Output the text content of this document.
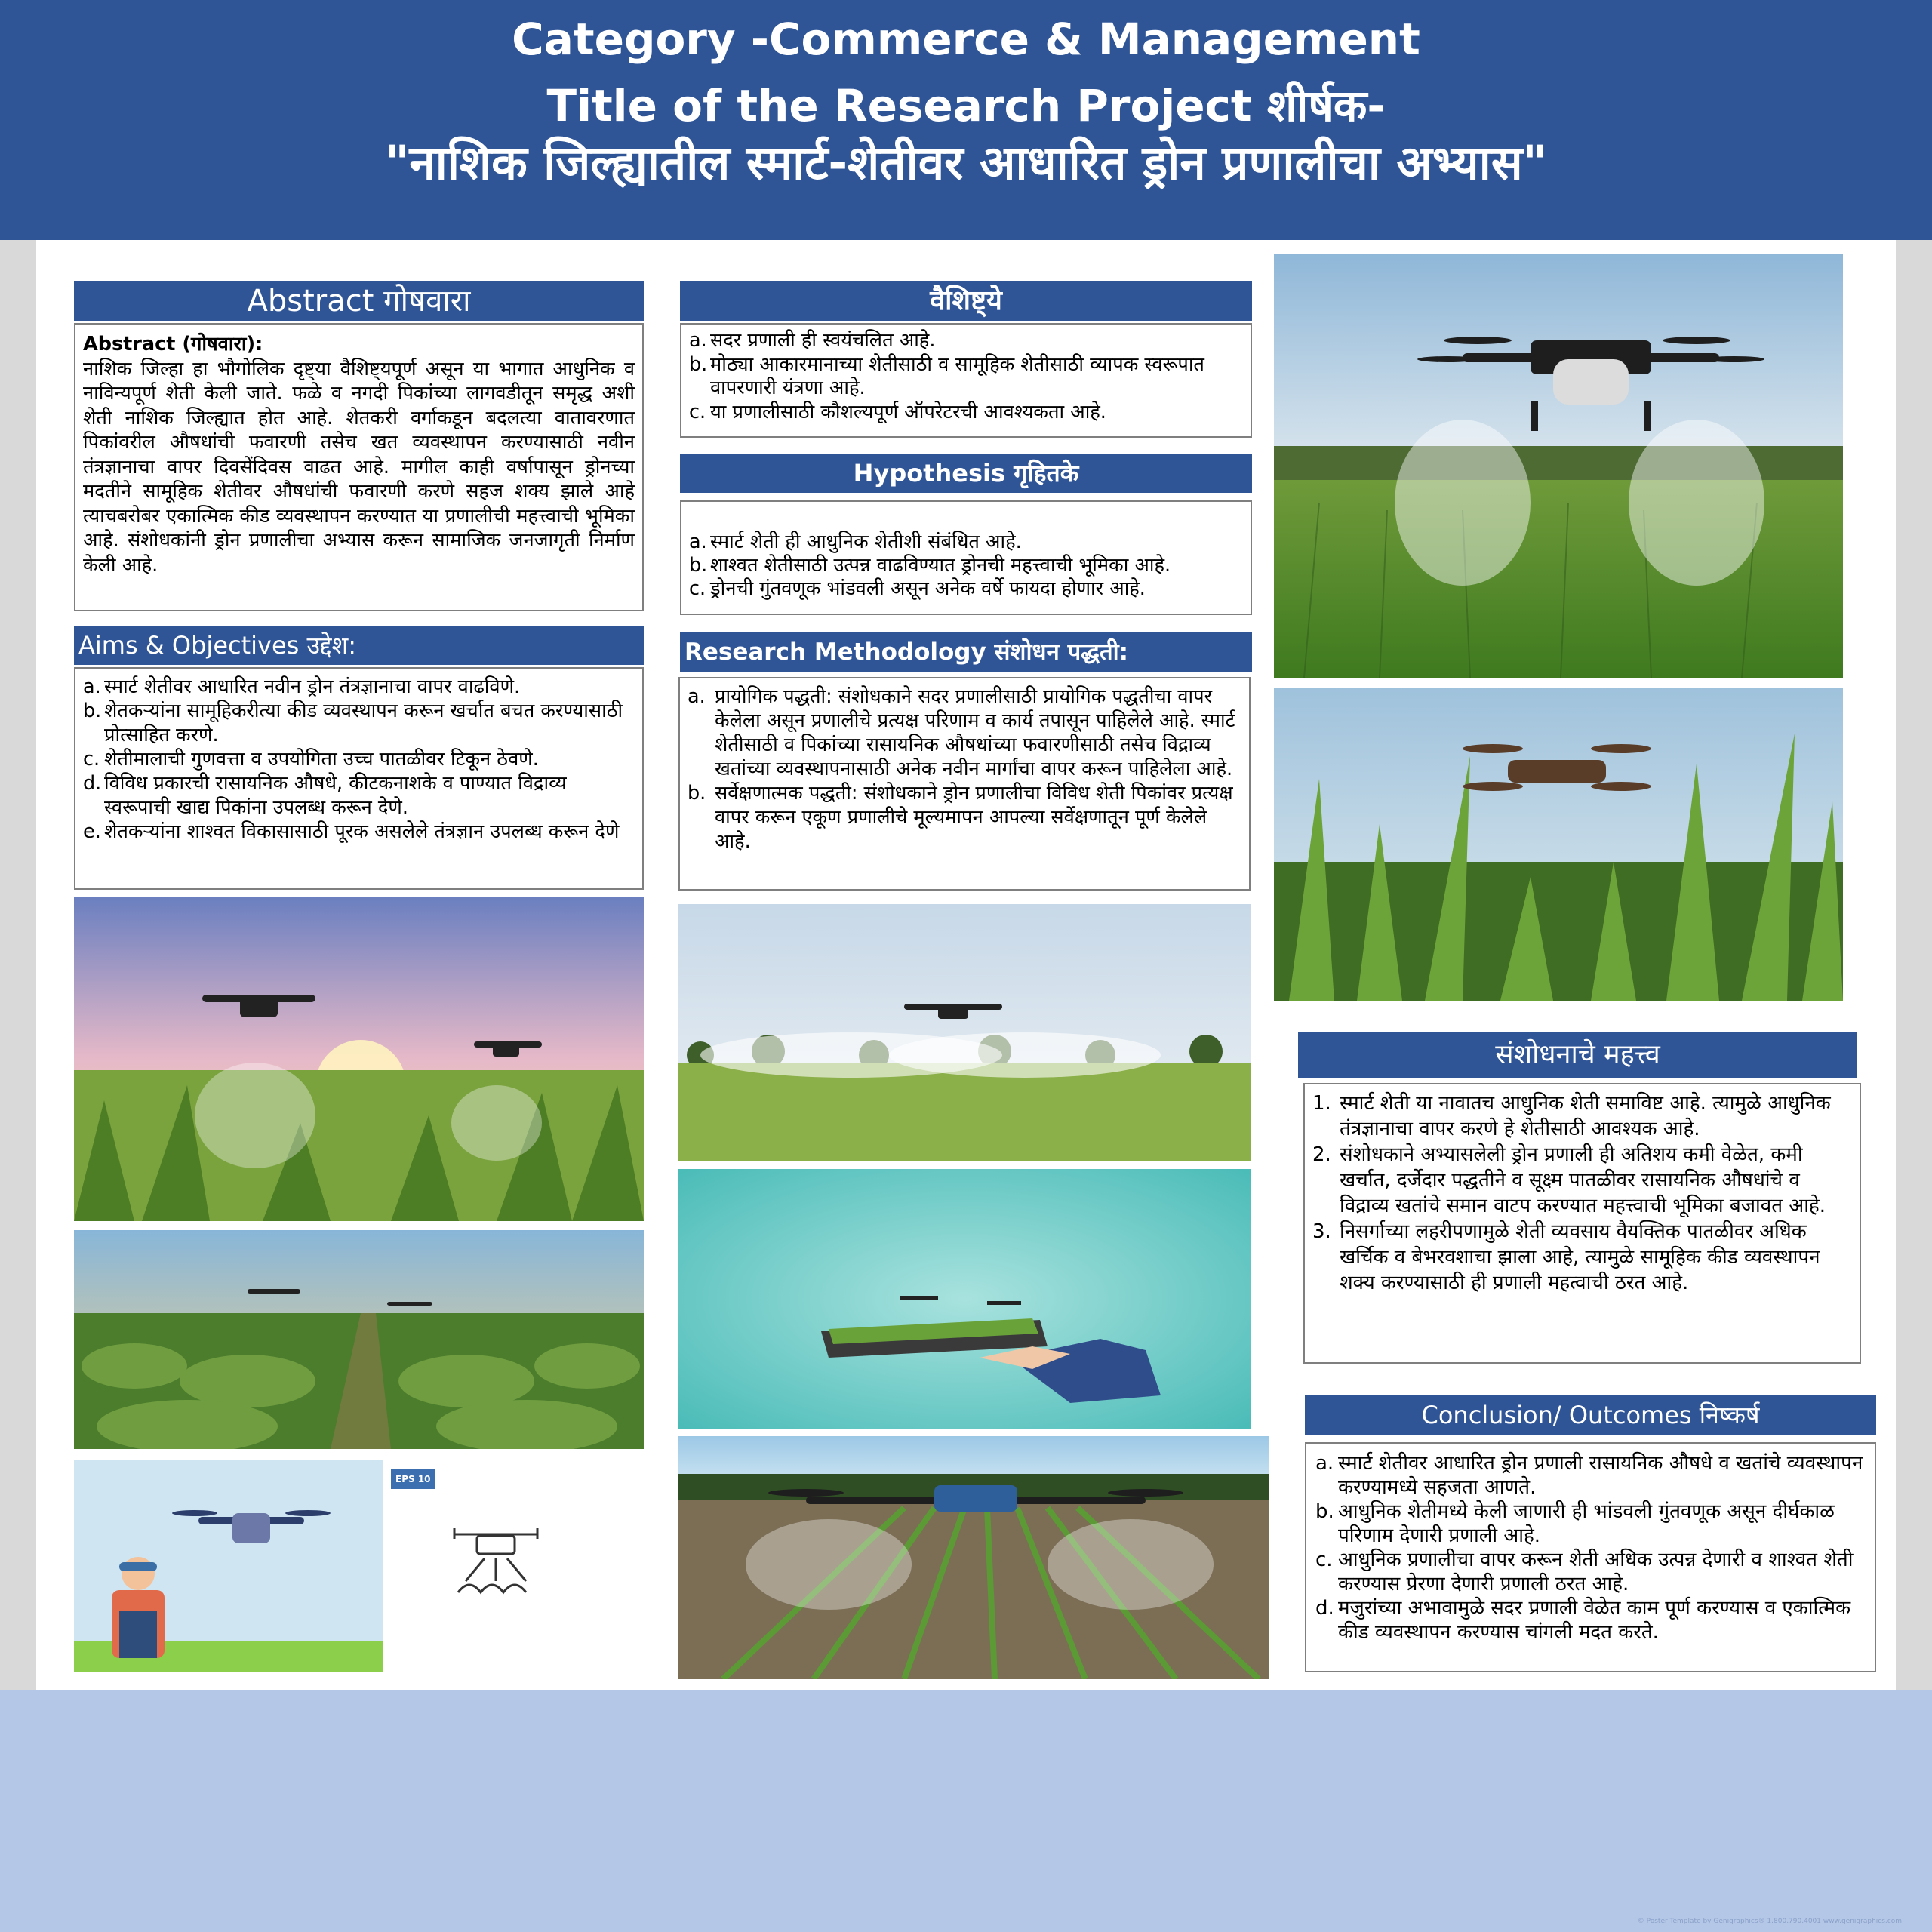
Category -Commerce & Management
Title of the Research Project शीर्षक-
"नाशिक जिल्ह्यातील स्मार्ट-शेतीवर आधारित ड्रोन प्रणालीचा अभ्यास"
Abstract गोषवारा

Abstract (गोषवारा):

नाशिक जिल्हा हा भौगोलिक दृष्ट्या वैशिष्ट्यपूर्ण असून या भागात आधुनिक व नाविन्यपूर्ण शेती केली जाते. फळे व नगदी पिकांच्या लागवडीतून समृद्ध अशी शेती नाशिक जिल्ह्यात होत आहे. शेतकरी वर्गाकडून बदलत्या वातावरणात पिकांवरील औषधांची फवारणी तसेच खत व्यवस्थापन करण्यासाठी नवीन तंत्रज्ञानाचा वापर दिवसेंदिवस वाढत आहे. मागील काही वर्षापासून ड्रोनच्या मदतीने सामूहिक शेतीवर औषधांची फवारणी करणे सहज शक्य झाले आहे त्याचबरोबर एकात्मिक कीड व्यवस्थापन करण्यात या प्रणालीची महत्त्वाची भूमिका आहे. संशोधकांनी ड्रोन प्रणालीचा अभ्यास करून सामाजिक जनजागृती निर्माण केली आहे.

Aims & Objectives उद्देश:
a. स्मार्ट शेतीवर आधारित नवीन ड्रोन तंत्रज्ञानाचा वापर वाढविणे.
b. शेतकऱ्यांना सामूहिकरीत्या कीड व्यवस्थापन करून खर्चात बचत करण्यासाठी प्रोत्साहित करणे.
c. शेतीमालाची गुणवत्ता व उपयोगिता उच्च पातळीवर टिकून ठेवणे.
d. विविध प्रकारची रासायनिक औषधे, कीटकनाशके व पाण्यात विद्राव्य स्वरूपाची खाद्य पिकांना उपलब्ध करून देणे.
e. शेतकऱ्यांना शाश्वत विकासासाठी पूरक असलेले तंत्रज्ञान उपलब्ध करून देणे
वैशिष्ट्ये
a. सदर प्रणाली ही स्वयंचलित आहे.
b. मोठ्या आकारमानाच्या शेतीसाठी व सामूहिक शेतीसाठी व्यापक स्वरूपात वापरणारी यंत्रणा आहे.
c. या प्रणालीसाठी कौशल्यपूर्ण ऑपरेटरची आवश्यकता आहे.
Hypothesis गृहितके
a. स्मार्ट शेती ही आधुनिक शेतीशी संबंधित आहे.
b. शाश्वत शेतीसाठी उत्पन्न वाढविण्यात ड्रोनची महत्त्वाची भूमिका आहे.
c. ड्रोनची गुंतवणूक भांडवली असून अनेक वर्षे फायदा होणार आहे.
Research Methodology संशोधन पद्धती:
a. प्रायोगिक पद्धती: संशोधकाने सदर प्रणालीसाठी प्रायोगिक पद्धतीचा वापर केलेला असून प्रणालीचे प्रत्यक्ष परिणाम व कार्य तपासून पाहिलेले आहे. स्मार्ट शेतीसाठी व पिकांच्या रासायनिक औषधांच्या फवारणीसाठी तसेच विद्राव्य खतांच्या व्यवस्थापनासाठी अनेक नवीन मार्गांचा वापर करून पाहिलेला आहे.
b. सर्वेक्षणात्मक पद्धती: संशोधकाने ड्रोन प्रणालीचा विविध शेती पिकांवर प्रत्यक्ष वापर करून एकूण प्रणालीचे मूल्यमापन आपल्या सर्वेक्षणातून पूर्ण केलेले आहे.
संशोधनाचे महत्त्व
1. स्मार्ट शेती या नावातच आधुनिक शेती समाविष्ट आहे. त्यामुळे आधुनिक तंत्रज्ञानाचा वापर करणे हे शेतीसाठी आवश्यक आहे.
2. संशोधकाने अभ्यासलेली ड्रोन प्रणाली ही अतिशय कमी वेळेत, कमी खर्चात, दर्जेदार पद्धतीने व सूक्ष्म पातळीवर रासायनिक औषधांचे व विद्राव्य खतांचे समान वाटप करण्यात महत्त्वाची भूमिका बजावत आहे.
3. निसर्गाच्या लहरीपणामुळे शेती व्यवसाय वैयक्तिक पातळीवर अधिक खर्चिक व बेभरवशाचा झाला आहे, त्यामुळे सामूहिक कीड व्यवस्थापन शक्य करण्यासाठी ही प्रणाली महत्वाची ठरत आहे.
Conclusion/ Outcomes निष्कर्ष
a. स्मार्ट शेतीवर आधारित ड्रोन प्रणाली रासायनिक औषधे व खतांचे व्यवस्थापन करण्यामध्ये सहजता आणते.
b. आधुनिक शेतीमध्ये केली जाणारी ही भांडवली गुंतवणूक असून दीर्घकाळ परिणाम देणारी प्रणाली आहे.
c. आधुनिक प्रणालीचा वापर करून शेती अधिक उत्पन्न देणारी व शाश्वत शेती करण्यास प्रेरणा देणारी प्रणाली ठरत आहे.
d. मजुरांच्या अभावामुळे सदर प्रणाली वेळेत काम पूर्ण करण्यास व एकात्मिक कीड व्यवस्थापन करण्यास चांगली मदत करते.
EPS 10
© Poster Template by Genigraphics® 1.800.790.4001 www.genigraphics.com
